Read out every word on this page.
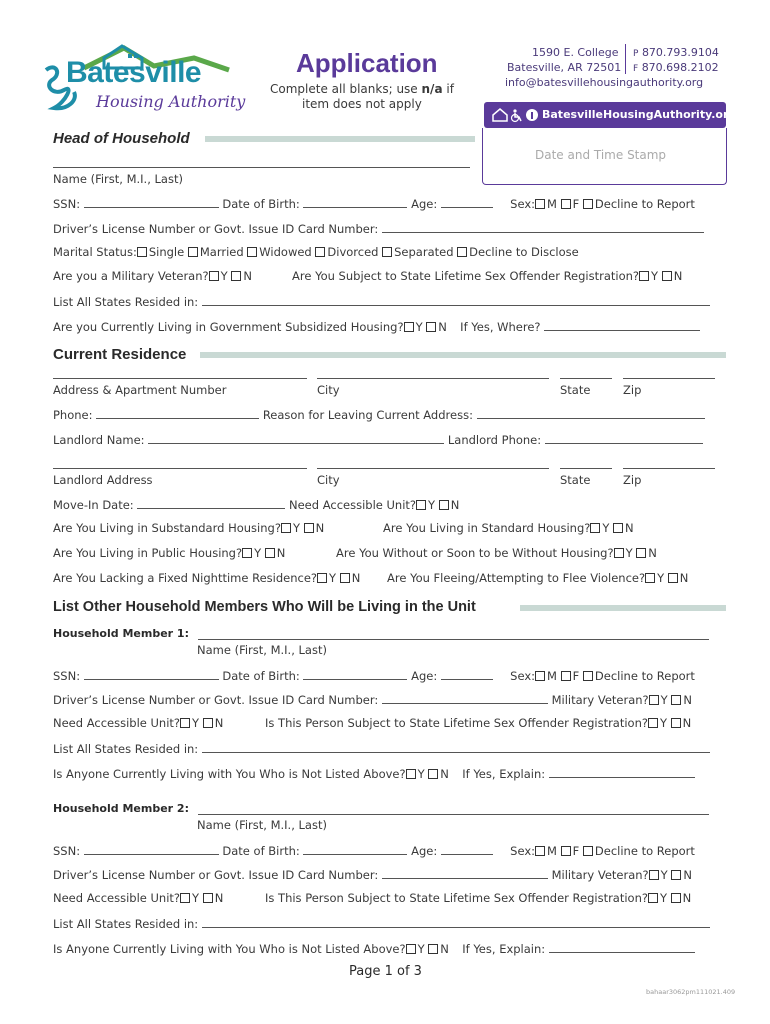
Batesville
Housing Authority
Application
Complete all blanks; use n/a if
item does not apply
1590 E. College
Batesville, AR 72501
P 870.793.9104
F 870.698.2102
info@batesvillehousingauthority.org
BatesvilleHousingAuthority.org
Date and Time Stamp
Head of Household
Name (First, M.I., Last)
SSN:	Date of Birth:	Age:	Sex: M F Decline to Report
Driver’s License Number or Govt. Issue ID Card Number:
Marital Status: Single Married Widowed Divorced Separated Decline to Disclose
Are you a Military Veteran? Y N	Are You Subject to State Lifetime Sex Offender Registration? Y N
List All States Resided in:
Are you Currently Living in Government Subsidized Housing? Y N If Yes, Where?
Current Residence
Address & Apartment Number	City	State	Zip
Phone:	Reason for Leaving Current Address:
Landlord Name:	Landlord Phone:
Landlord Address	City	State	Zip
Move-In Date:	Need Accessible Unit? Y N
Are You Living in Substandard Housing? Y N	Are You Living in Standard Housing? Y N
Are You Living in Public Housing? Y N	Are You Without or Soon to be Without Housing? Y N
Are You Lacking a Fixed Nighttime Residence? Y N Are You Fleeing/Attempting to Flee Violence? Y N
List Other Household Members Who Will be Living in the Unit
Household Member 1:
Name (First, M.I., Last)
SSN:	Date of Birth:	Age:	Sex: M F Decline to Report
Driver’s License Number or Govt. Issue ID Card Number:	Military Veteran? Y N
Need Accessible Unit? Y N	Is This Person Subject to State Lifetime Sex Offender Registration? Y N
List All States Resided in:
Is Anyone Currently Living with You Who is Not Listed Above? Y N If Yes, Explain:
Household Member 2:
Name (First, M.I., Last)
SSN:	Date of Birth:	Age:	Sex: M F Decline to Report
Driver’s License Number or Govt. Issue ID Card Number:	Military Veteran? Y N
Need Accessible Unit? Y N	Is This Person Subject to State Lifetime Sex Offender Registration? Y N
List All States Resided in:
Is Anyone Currently Living with You Who is Not Listed Above? Y N If Yes, Explain:
Page 1 of 3
bahaar3062pm111021.409
